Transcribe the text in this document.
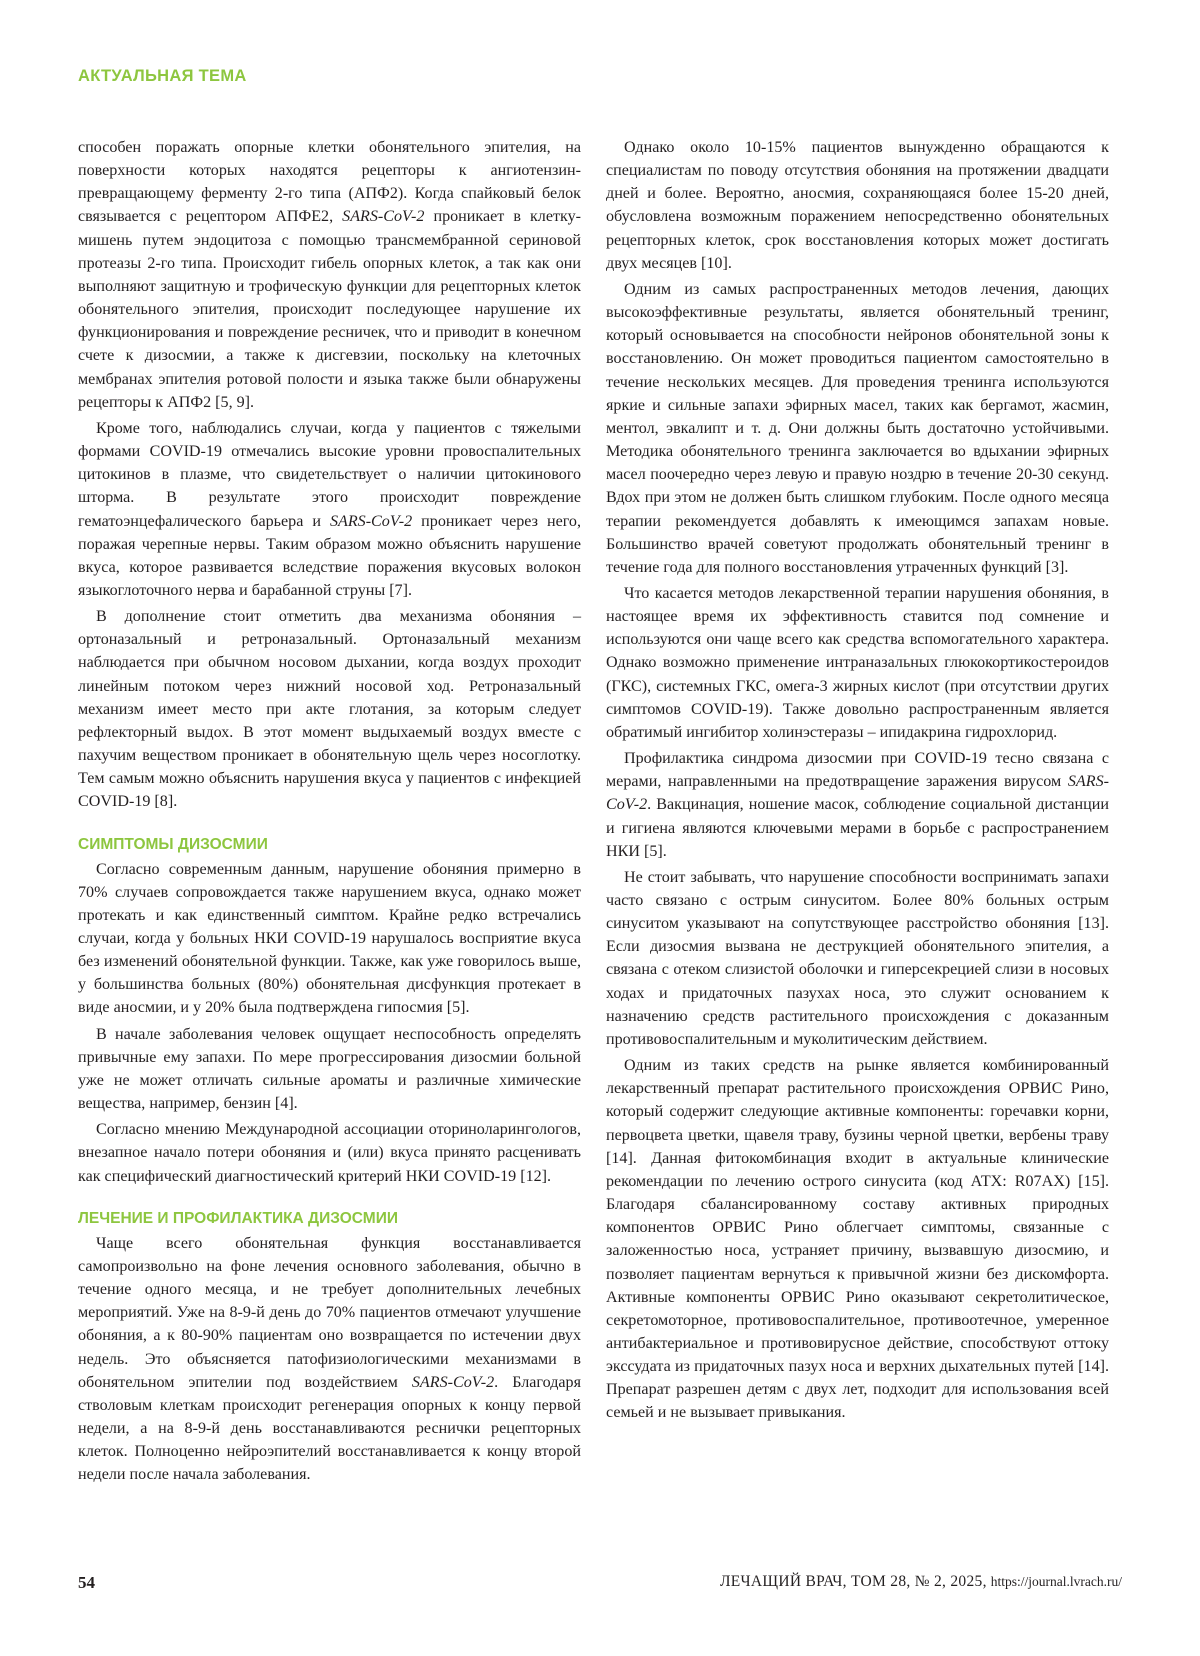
АКТУАЛЬНАЯ ТЕМА

способен поражать опорные клетки обонятельного эпителия, на поверхности которых находятся рецепторы к ангиотензин-превращающему ферменту 2-го типа (АПФ2). Когда спайковый белок связывается с рецептором АПФЕ2, SARS-CoV-2 проникает в клетку-мишень путем эндоцитоза с помощью трансмембранной сериновой протеазы 2-го типа. Происходит гибель опорных клеток, а так как они выполняют защитную и трофическую функции для рецепторных клеток обонятельного эпителия, происходит последующее нарушение их функционирования и повреждение ресничек, что и приводит в конечном счете к дизосмии, а также к дисгевзии, поскольку на клеточных мембранах эпителия ротовой полости и языка также были обнаружены рецепторы к АПФ2 [5, 9].

Кроме того, наблюдались случаи, когда у пациентов с тяжелыми формами COVID-19 отмечались высокие уровни провоспалительных цитокинов в плазме, что свидетельствует о наличии цитокинового шторма. В результате этого происходит повреждение гематоэнцефалического барьера и SARS-CoV-2 проникает через него, поражая черепные нервы. Таким образом можно объяснить нарушение вкуса, которое развивается вследствие поражения вкусовых волокон языкоглоточного нерва и барабанной струны [7].

В дополнение стоит отметить два механизма обоняния – ортоназальный и ретроназальный. Ортоназальный механизм наблюдается при обычном носовом дыхании, когда воздух проходит линейным потоком через нижний носовой ход. Ретроназальный механизм имеет место при акте глотания, за которым следует рефлекторный выдох. В этот момент выдыхаемый воздух вместе с пахучим веществом проникает в обонятельную щель через носоглотку. Тем самым можно объяснить нарушения вкуса у пациентов с инфекцией COVID-19 [8].

СИМПТОМЫ ДИЗОСМИИ

Согласно современным данным, нарушение обоняния примерно в 70% случаев сопровождается также нарушением вкуса, однако может протекать и как единственный симптом. Крайне редко встречались случаи, когда у больных НКИ COVID-19 нарушалось восприятие вкуса без изменений обонятельной функции. Также, как уже говорилось выше, у большинства больных (80%) обонятельная дисфункция протекает в виде аносмии, и у 20% была подтверждена гипосмия [5].

В начале заболевания человек ощущает неспособность определять привычные ему запахи. По мере прогрессирования дизосмии больной уже не может отличать сильные ароматы и различные химические вещества, например, бензин [4].

Согласно мнению Международной ассоциации оториноларингологов, внезапное начало потери обоняния и (или) вкуса принято расценивать как специфический диагностический критерий НКИ COVID-19 [12].

ЛЕЧЕНИЕ И ПРОФИЛАКТИКА ДИЗОСМИИ

Чаще всего обонятельная функция восстанавливается самопроизвольно на фоне лечения основного заболевания, обычно в течение одного месяца, и не требует дополнительных лечебных мероприятий. Уже на 8-9-й день до 70% пациентов отмечают улучшение обоняния, а к 80-90% пациентам оно возвращается по истечении двух недель. Это объясняется патофизиологическими механизмами в обонятельном эпителии под воздействием SARS-CoV-2. Благодаря стволовым клеткам происходит регенерация опорных к концу первой недели, а на 8-9-й день восстанавливаются реснички рецепторных клеток. Полноценно нейроэпителий восстанавливается к концу второй недели после начала заболевания.

Однако около 10-15% пациентов вынужденно обращаются к специалистам по поводу отсутствия обоняния на протяжении двадцати дней и более. Вероятно, аносмия, сохраняющаяся более 15-20 дней, обусловлена возможным поражением непосредственно обонятельных рецепторных клеток, срок восстановления которых может достигать двух месяцев [10].

Одним из самых распространенных методов лечения, дающих высокоэффективные результаты, является обонятельный тренинг, который основывается на способности нейронов обонятельной зоны к восстановлению. Он может проводиться пациентом самостоятельно в течение нескольких месяцев. Для проведения тренинга используются яркие и сильные запахи эфирных масел, таких как бергамот, жасмин, ментол, эвкалипт и т. д. Они должны быть достаточно устойчивыми. Методика обонятельного тренинга заключается во вдыхании эфирных масел поочередно через левую и правую ноздрю в течение 20-30 секунд. Вдох при этом не должен быть слишком глубоким. После одного месяца терапии рекомендуется добавлять к имеющимся запахам новые. Большинство врачей советуют продолжать обонятельный тренинг в течение года для полного восстановления утраченных функций [3].

Что касается методов лекарственной терапии нарушения обоняния, в настоящее время их эффективность ставится под сомнение и используются они чаще всего как средства вспомогательного характера. Однако возможно применение интраназальных глюкокортикостероидов (ГКС), системных ГКС, омега-3 жирных кислот (при отсутствии других симптомов COVID-19). Также довольно распространенным является обратимый ингибитор холинэстеразы – ипидакрина гидрохлорид.

Профилактика синдрома дизосмии при COVID-19 тесно связана с мерами, направленными на предотвращение заражения вирусом SARS-CoV-2. Вакцинация, ношение масок, соблюдение социальной дистанции и гигиена являются ключевыми мерами в борьбе с распространением НКИ [5].

Не стоит забывать, что нарушение способности воспринимать запахи часто связано с острым синуситом. Более 80% больных острым синуситом указывают на сопутствующее расстройство обоняния [13]. Если дизосмия вызвана не деструкцией обонятельного эпителия, а связана с отеком слизистой оболочки и гиперсекрецией слизи в носовых ходах и придаточных пазухах носа, это служит основанием к назначению средств растительного происхождения с доказанным противовоспалительным и муколитическим действием.

Одним из таких средств на рынке является комбинированный лекарственный препарат растительного происхождения ОРВИС Рино, который содержит следующие активные компоненты: горечавки корни, первоцвета цветки, щавеля траву, бузины черной цветки, вербены траву [14]. Данная фитокомбинация входит в актуальные клинические рекомендации по лечению острого синусита (код АТХ: R07AX) [15]. Благодаря сбалансированному составу активных природных компонентов ОРВИС Рино облегчает симптомы, связанные с заложенностью носа, устраняет причину, вызвавшую дизосмию, и позволяет пациентам вернуться к привычной жизни без дискомфорта. Активные компоненты ОРВИС Рино оказывают секретолитическое, секретомоторное, противовоспалительное, противоотечное, умеренное антибактериальное и противовирусное действие, способствуют оттоку экссудата из придаточных пазух носа и верхних дыхательных путей [14]. Препарат разрешен детям с двух лет, подходит для использования всей семьей и не вызывает привыкания.

54	ЛЕЧАЩИЙ ВРАЧ, ТОМ 28, № 2, 2025, https://journal.lvrach.ru/
